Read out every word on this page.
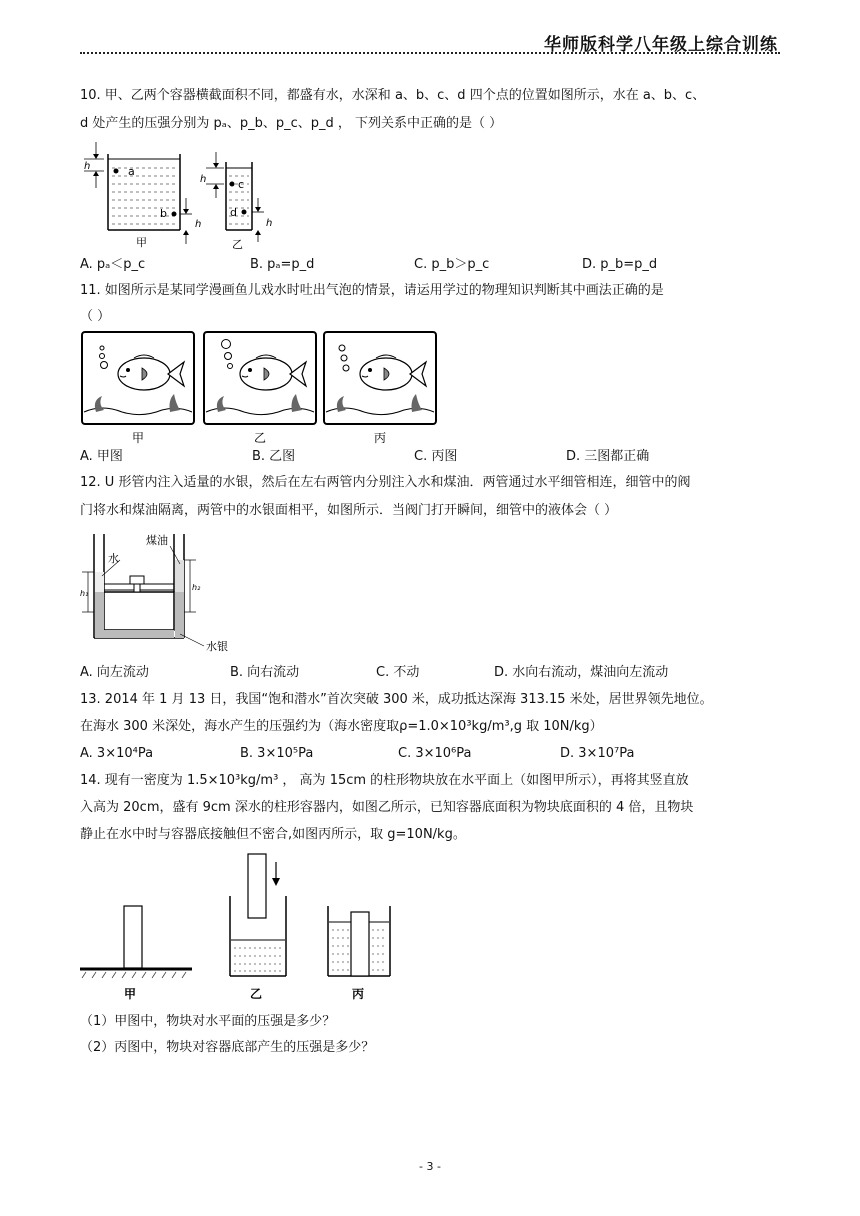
华师版科学八年级上综合训练
10. 甲、乙两个容器横截面积不同，都盛有水，水深和 a、b、c、d 四个点的位置如图所示，水在 a、b、c、
d 处产生的压强分别为 pₐ、p_b、p_c、p_d ， 下列关系中正确的是（ ）
a
b
h
h
甲
c
d
h
h
乙
A. pₐ＜p_c	B. pₐ=p_d	C. p_b＞p_c	D. p_b=p_d
11. 如图所示是某同学漫画鱼儿戏水时吐出气泡的情景，请运用学过的物理知识判断其中画法正确的是
（ ）
甲	乙	丙
A. 甲图	B. 乙图	C. 丙图	D. 三图都正确
12. U 形管内注入适量的水银，然后在左右两管内分别注入水和煤油．两管通过水平细管相连，细管中的阀
门将水和煤油隔离，两管中的水银面相平，如图所示．当阀门打开瞬间，细管中的液体会（ ）
h₁
h₂
水
煤油
水银
A. 向左流动	B. 向右流动	C. 不动	D. 水向右流动，煤油向左流动
13. 2014 年 1 月 13 日，我国“饱和潜水”首次突破 300 米，成功抵达深海 313.15 米处，居世界领先地位。
在海水 300 米深处，海水产生的压强约为（海水密度取ρ=1.0×10³kg/m³,g 取 10N/kg）
A. 3×10⁴Pa	B. 3×10⁵Pa	C. 3×10⁶Pa	D. 3×10⁷Pa
14. 现有一密度为 1.5×10³kg/m³ ， 高为 15cm 的柱形物块放在水平面上（如图甲所示），再将其竖直放
入高为 20cm，盛有 9cm 深水的柱形容器内，如图乙所示，已知容器底面积为物块底面积的 4 倍，且物块
静止在水中时与容器底接触但不密合,如图丙所示，取 g=10N/kg。
甲	乙	丙
（1）甲图中，物块对水平面的压强是多少？
（2）丙图中，物块对容器底部产生的压强是多少？
- 3 -
